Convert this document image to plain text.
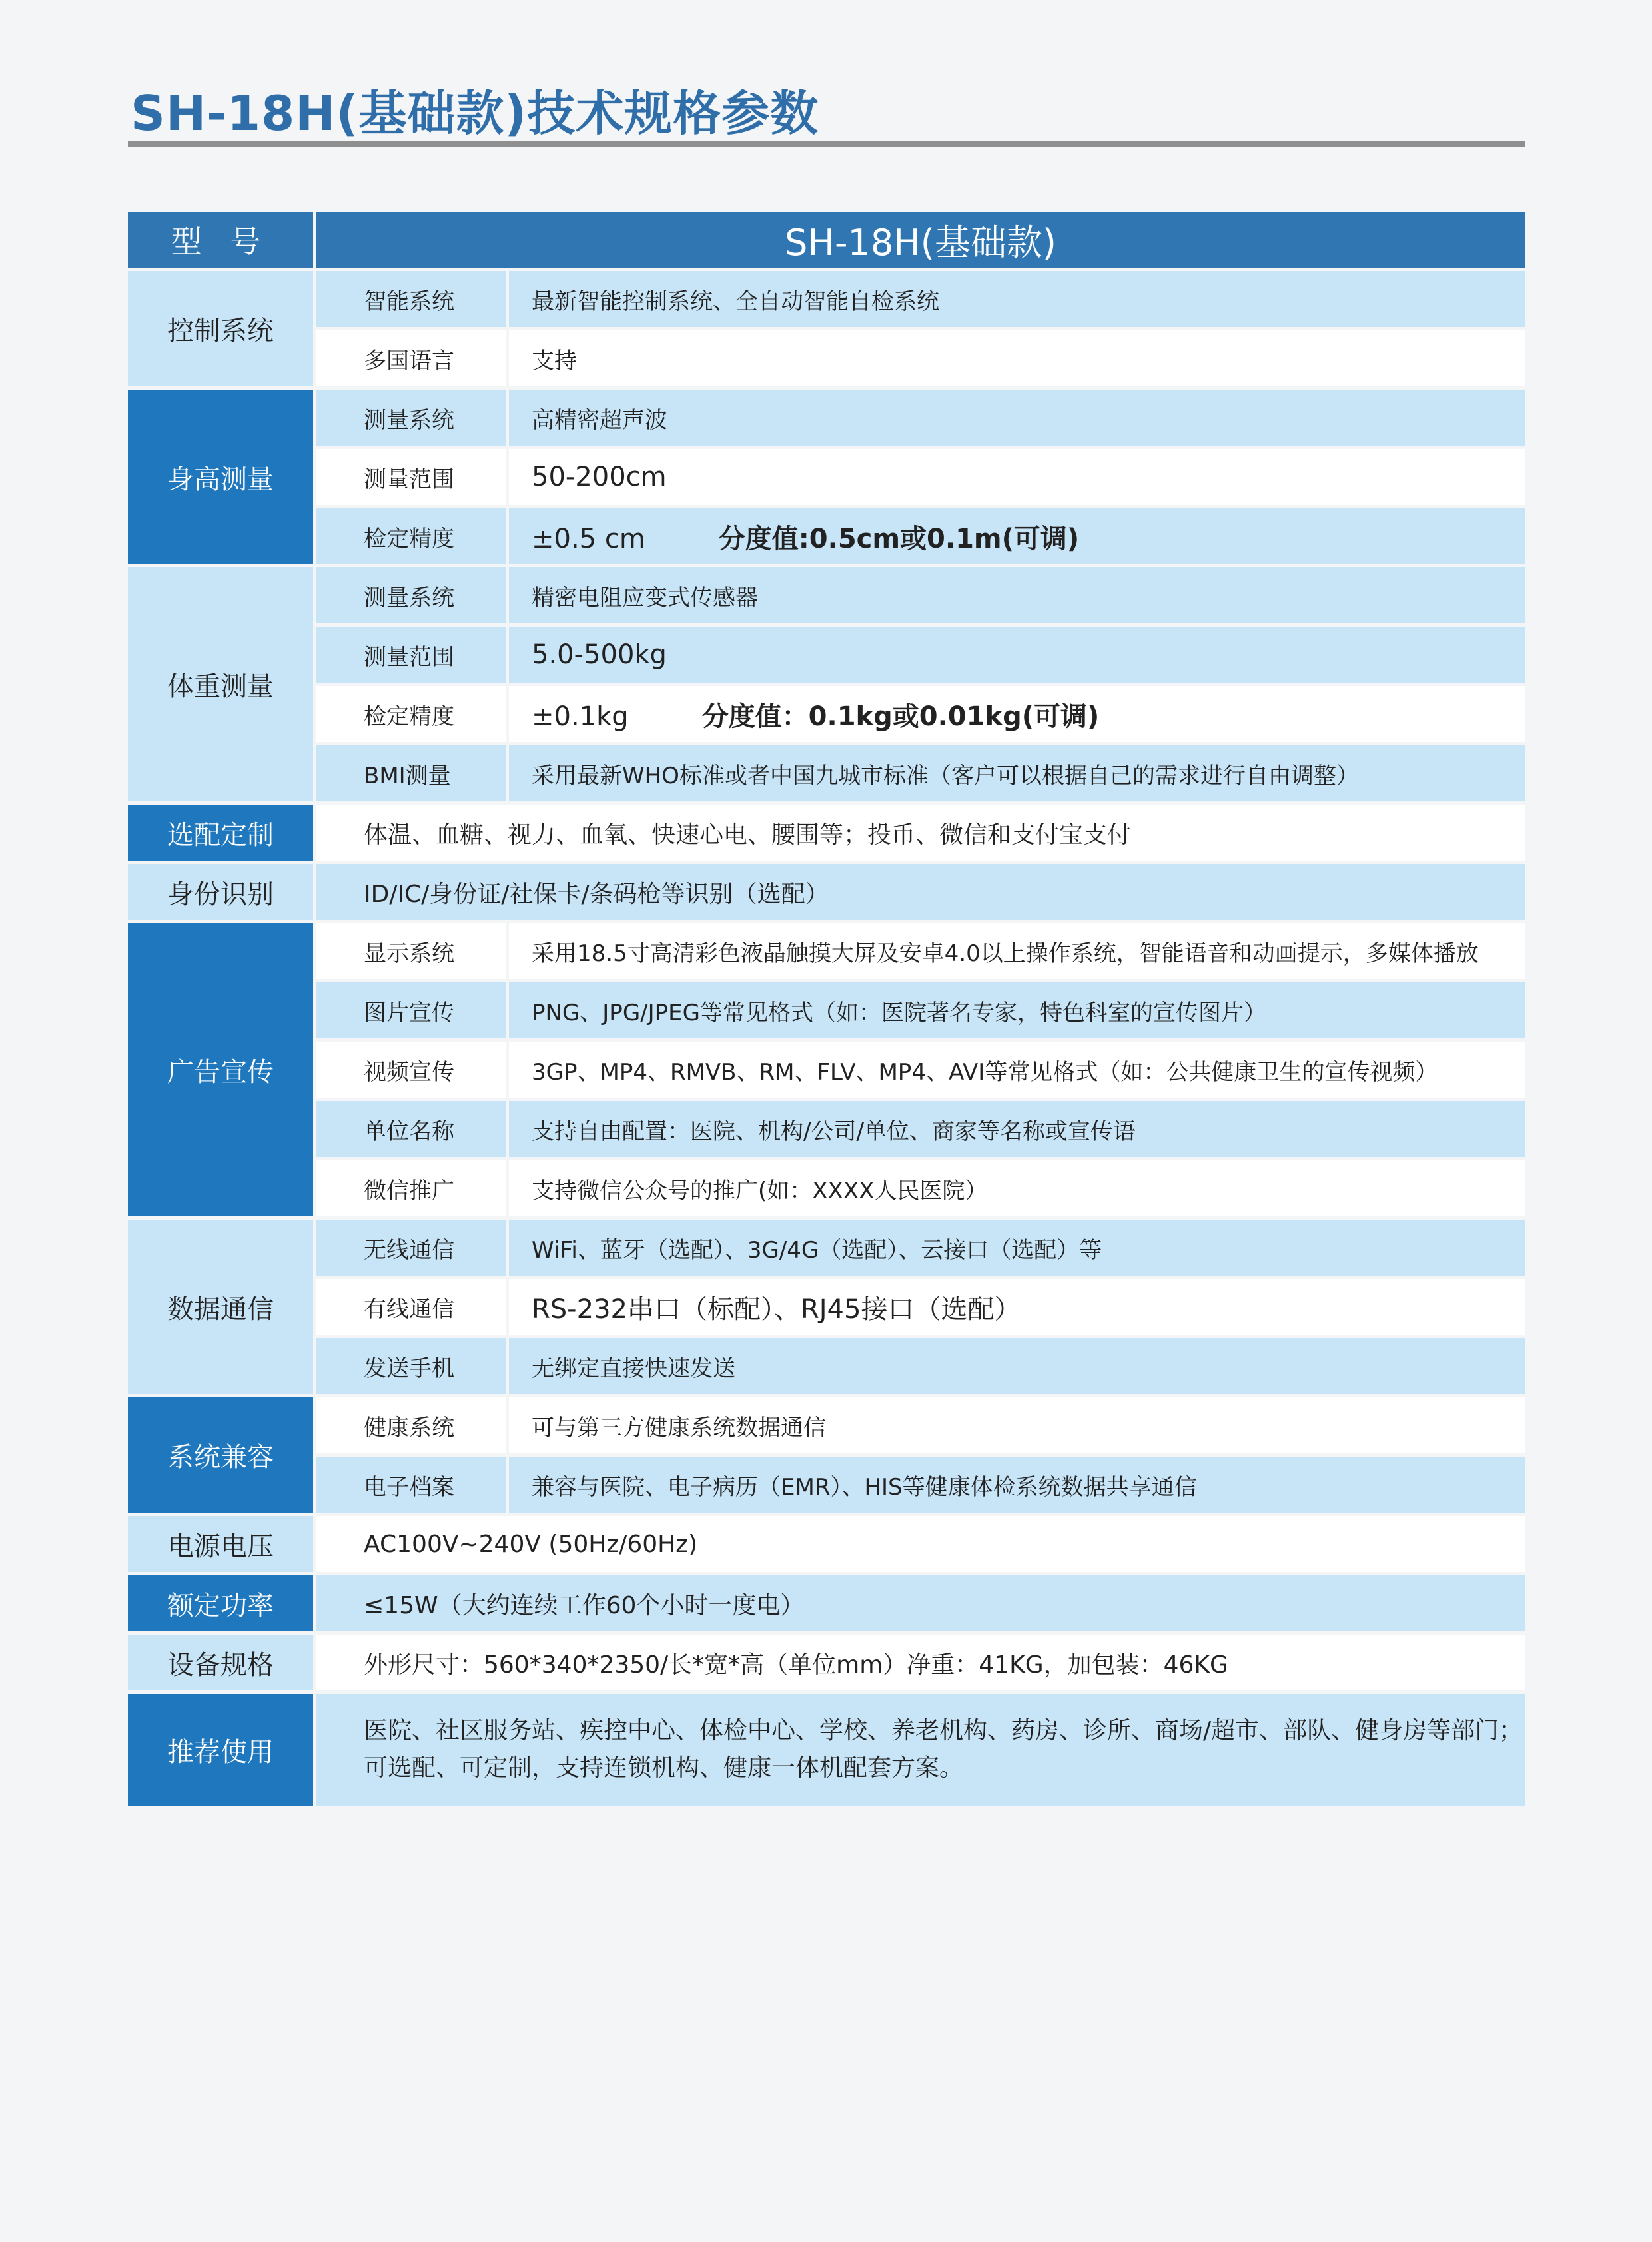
SH-18H(基础款)技术规格参数
型 号	SH-18H(基础款)	
控制系统	智能系统	最新智能控制系统、全自动智能自检系统
	多国语言	支持
身高测量	测量系统	高精密超声波
	测量范围	50-200cm
	检定精度	±0.5 cm 分度值:0.5cm或0.1m(可调)
体重测量	测量系统	精密电阻应变式传感器
	测量范围	5.0-500kg
	检定精度	±0.1kg 分度值：0.1kg或0.01kg(可调)
	BMI测量	采用最新WHO标准或者中国九城市标准（客户可以根据自己的需求进行自由调整）
选配定制	体温、血糖、视力、血氧、快速心电、腰围等；投币、微信和支付宝支付	
身份识别	ID/IC/身份证/社保卡/条码枪等识别（选配）	
广告宣传	显示系统	采用18.5寸高清彩色液晶触摸大屏及安卓4.0以上操作系统，智能语音和动画提示，多媒体播放
	图片宣传	PNG、JPG/JPEG等常见格式（如：医院著名专家，特色科室的宣传图片）
	视频宣传	3GP、MP4、RMVB、RM、FLV、MP4、AVI等常见格式（如：公共健康卫生的宣传视频）
	单位名称	支持自由配置：医院、机构/公司/单位、商家等名称或宣传语
	微信推广	支持微信公众号的推广(如：XXXX人民医院）
数据通信	无线通信	WiFi、蓝牙（选配）、3G/4G（选配）、云接口（选配）等
	有线通信	RS-232串口（标配）、RJ45接口（选配）
	发送手机	无绑定直接快速发送
系统兼容	健康系统	可与第三方健康系统数据通信
	电子档案	兼容与医院、电子病历（EMR）、HIS等健康体检系统数据共享通信
电源电压	AC100V~240V (50Hz/60Hz)	
额定功率	≤15W（大约连续工作60个小时一度电）	
设备规格	外形尺寸：560*340*2350/长*宽*高（单位mm）净重：41KG，加包装：46KG	
推荐使用	医院、社区服务站、疾控中心、体检中心、学校、养老机构、药房、诊所、商场/超市、部队、健身房等部门；
可选配、可定制，支持连锁机构、健康一体机配套方案。	
